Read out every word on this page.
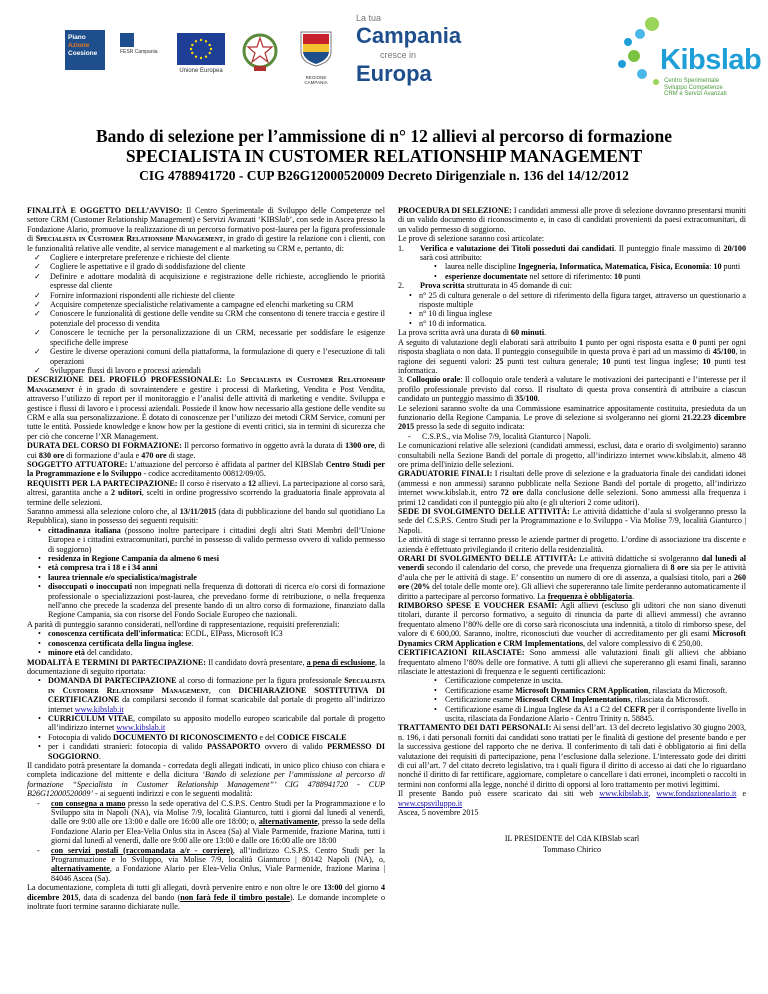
Piano
Azione
Coesione	FESR Campania
Unione Europea
REGIONE CAMPANIA
La tua
Campania
cresce in
Europa	Kibslab
Centro Sperimentale
Sviluppo Competenze
CRM e Servizi Avanzati
Bando di selezione per l’ammissione di n° 12 allievi al percorso di formazione
SPECIALISTA IN CUSTOMER RELATIONSHIP MANAGEMENT
CIG 4788941720 - CUP B26G12000520009 Decreto Dirigenziale n. 136 del 14/12/2012

FINALITÀ E OGGETTO DELL’AVVISO: Il Centro Sperimentale di Sviluppo delle Competenze nel settore CRM (Customer Relationship Management) e Servizi Avanzati ‘KIBSlab’, con sede in Ascea presso la Fondazione Alario, promuove la realizzazione di un percorso formativo post-laurea per la figura professionale di Specialista in Customer Relationship Management, in grado di gestire la relazione con i clienti, con le funzionalità relative alle vendite, al service management e al marketing su CRM e, pertanto, di:

✓ Cogliere e interpretare preferenze e richieste del cliente

✓ Cogliere le aspettative e il grado di soddisfazione del cliente

✓ Definire e adottare modalità di acquisizione e registrazione delle richieste, accogliendo le priorità espresse dal cliente

✓ Fornire informazioni rispondenti alle richieste del cliente

✓ Acquisire competenze specialistiche relativamente a campagne ed elenchi marketing su CRM

✓ Conoscere le funzionalità di gestione delle vendite su CRM che consentono di tenere traccia e gestire il potenziale del processo di vendita

✓ Conoscere le tecniche per la personalizzazione di un CRM, necessarie per soddisfare le esigenze specifiche delle imprese

✓ Gestire le diverse operazioni comuni della piattaforma, la formulazione di query e l’esecuzione di tali operazioni

✓ Sviluppare flussi di lavoro e processi aziendali

DESCRIZIONE DEL PROFILO PROFESSIONALE: Lo Specialista in Customer Relationship Management è in grado di sovraintendere e gestire i processi di Marketing, Vendita e Post Vendita, attraverso l’utilizzo di report per il monitoraggio e l’analisi delle attività di marketing e vendite. Sviluppa e gestisce i flussi di lavoro e i processi aziendali. Possiede il know how necessario alla gestione delle vendite su CRM e alla sua personalizzazione. È dotato di conoscenze per l’utilizzo dei metodi CRM Service, comuni per tutte le entità. Possiede knowledge e know how per la gestione di eventi critici, sia in termini di sicurezza che per ciò che concerne l’XR Management.

DURATA DEL CORSO DI FORMAZIONE: Il percorso formativo in oggetto avrà la durata di 1300 ore, di cui 830 ore di formazione d’aula e 470 ore di stage.

SOGGETTO ATTUATORE: L’attuazione del percorso è affidata al partner del KIBSlab Centro Studi per la Programmazione e lo Sviluppo - codice accreditamento 00812/09/05.

REQUISITI PER LA PARTECIPAZIONE: Il corso è riservato a 12 allievi. La partecipazione al corso sarà, altresì, garantita anche a 2 uditori, scelti in ordine progressivo scorrendo la graduatoria finale approvata al termine delle selezioni.

Saranno ammessi alla selezione coloro che, al 13/11/2015 (data di pubblicazione del bando sul quotidiano La Repubblica), siano in possesso dei seguenti requisiti:

• cittadinanza italiana (possono inoltre partecipare i cittadini degli altri Stati Membri dell’Unione Europea e i cittadini extracomunitari, purché in possesso di valido permesso ovvero di valido permesso di soggiorno)

• residenza in Regione Campania da almeno 6 mesi

• età compresa tra i 18 e i 34 anni

• laurea triennale e/o specialistica/magistrale

• disoccupati o inoccupati non impegnati nella frequenza di dottorati di ricerca e/o corsi di formazione professionale o specializzazioni post-laurea, che prevedano forme di retribuzione, o nella frequenza nell'anno che precede la scadenza del presente bando di un altro corso di formazione, finanziato dalla Regione Campania, sia con risorse del Fondo Sociale Europeo che nazionali.

A parità di punteggio saranno considerati, nell'ordine di rappresentazione, requisiti preferenziali:

• conoscenza certificata dell'informatica: ECDL, EIPass, Microsoft IC3

• conoscenza certificata della lingua inglese.

• minore età del candidato.

MODALITÀ E TERMINI DI PARTECIPAZIONE: Il candidato dovrà presentare, a pena di esclusione, la documentazione di seguito riportata:

• DOMANDA DI PARTECIPAZIONE al corso di formazione per la figura professionale Specialista in Customer Relationship Management, con DICHIARAZIONE SOSTITUTIVA DI CERTIFICAZIONE da compilarsi secondo il format scaricabile dal portale di progetto all’indirizzo internet www.kibslab.it

• CURRICULUM VITAE, compilato su apposito modello europeo scaricabile dal portale di progetto all’indirizzo internet www.kibslab.it

• Fotocopia di valido DOCUMENTO DI RICONOSCIMENTO e del CODICE FISCALE

• per i candidati stranieri: fotocopia di valido PASSAPORTO ovvero di valido PERMESSO DI SOGGIORNO.

Il candidato potrà presentare la domanda - corredata degli allegati indicati, in unico plico chiuso con chiara e completa indicazione del mittente e della dicitura ‘Bando di selezione per l’ammissione al percorso di formazione “Specialista in Customer Relationship Management”’ CIG 4788941720 - CUP B26G12000520009’ - ai seguenti indirizzi e con le seguenti modalità:

- con consegna a mano presso la sede operativa del C.S.P.S. Centro Studi per la Programmazione e lo Sviluppo sita in Napoli (NA), via Molise 7/9, località Gianturco, tutti i giorni dal lunedì al venerdì, dalle ore 9:00 alle ore 13:00 e dalle ore 16:00 alle ore 18:00; o, alternativamente, presso la sede della Fondazione Alario per Elea-Velia Onlus sita in Ascea (Sa) al Viale Parmenide, frazione Marina, tutti i giorni dal lunedì al venerdì, dalle ore 9:00 alle ore 13:00 e dalle ore 16:00 alle ore 18:00

- con servizi postali (raccomandata a/r - corriere), all’indirizzo C.S.P.S. Centro Studi per la Programmazione e lo Sviluppo, via Molise 7/9, località Gianturco | 80142 Napoli (NA), o, alternativamente, a Fondazione Alario per Elea-Velia Onlus, Viale Parmenide, frazione Marina | 84046 Ascea (Sa).

La documentazione, completa di tutti gli allegati, dovrà pervenire entro e non oltre le ore 13:00 del giorno 4 dicembre 2015, data di scadenza del bando (non farà fede il timbro postale). Le domande incomplete o inoltrate fuori termine saranno dichiarate nulle.

PROCEDURA DI SELEZIONE: I candidati ammessi alle prove di selezione dovranno presentarsi muniti di un valido documento di riconoscimento e, in caso di candidati provenienti da paesi extracomunitari, di un valido permesso di soggiorno.

Le prove di selezione saranno così articolate:

1. Verifica e valutazione dei Titoli posseduti dai candidati. Il punteggio finale massimo di 20/100 sarà così attribuito:

• laurea nelle discipline Ingegneria, Informatica, Matematica, Fisica, Economia: 10 punti

• esperienze documentate nel settore di riferimento: 10 punti

2. Prova scritta strutturata in 45 domande di cui:

• n° 25 di cultura generale o del settore di riferimento della figura target, attraverso un questionario a risposte multiple

• n° 10 di lingua inglese

• n° 10 di informatica.

La prova scritta avrà una durata di 60 minuti.

A seguito di valutazione degli elaborati sarà attribuito 1 punto per ogni risposta esatta e 0 punti per ogni risposta sbagliata o non data. Il punteggio conseguibile in questa prova è pari ad un massimo di 45/100, in ragione dei seguenti valori: 25 punti test cultura generale; 10 punti test lingua inglese; 10 punti test informatica.

3. Colloquio orale: Il colloquio orale tenderà a valutare le motivazioni dei partecipanti e l’interesse per il profilo professionale previsto dal corso. Il risultato di questa prova consentirà di attribuire a ciascun candidato un punteggio massimo di 35/100.

Le selezioni saranno svolte da una Commissione esaminatrice appositamente costituita, presieduta da un funzionario della Regione Campania. Le prove di selezione si svolgeranno nei giorni 21.22.23 dicembre 2015 presso la sede di seguito indicata:

- C.S.P.S., via Molise 7/9, località Gianturco | Napoli.

Le comunicazioni relative alle selezioni (candidati ammessi, esclusi, data e orario di svolgimento) saranno consultabili nella Sezione Bandi del portale di progetto, all’indirizzo internet www.kibslab.it, almeno 48 ore prima dell'inizio delle selezioni.

GRADUATORIE FINALI: I risultati delle prove di selezione e la graduatoria finale dei candidati idonei (ammessi e non ammessi) saranno pubblicate nella Sezione Bandi del portale di progetto, all’indirizzo internet www.kibslab.it, entro 72 ore dalla conclusione delle selezioni. Sono ammessi alla frequenza i primi 12 candidati con il punteggio più alto (e gli ulteriori 2 come uditori).

SEDE DI SVOLGIMENTO DELLE ATTIVITÀ: Le attività didattiche d’aula si svolgeranno presso la sede del C.S.P.S. Centro Studi per la Programmazione e lo Sviluppo - Via Molise 7/9, località Gianturco | Napoli.

Le attività di stage si terranno presso le aziende partner di progetto. L’ordine di associazione tra discente e azienda è effettuato privilegiando il criterio della residenzialità.

ORARI DI SVOLGIMENTO DELLE ATTIVITÀ: Le attività didattiche si svolgeranno dal lunedì al venerdì secondo il calendario del corso, che prevede una frequenza giornaliera di 8 ore sia per le attività d’aula che per le attività di stage. E’ consentito un numero di ore di assenza, a qualsiasi titolo, pari a 260 ore (20% del totale delle monte ore). Gli allievi che supereranno tale limite perderanno automaticamente il diritto a partecipare al percorso formativo. La frequenza è obbligatoria.

RIMBORSO SPESE E VOUCHER ESAMI: Agli allievi (escluso gli uditori che non siano divenuti titolari, durante il percorso formativo, a seguito di rinuncia da parte di allievi ammessi) che avranno frequentato almeno l’80% delle ore di corso sarà riconosciuta una indennità, a titolo di rimborso spese, del valore di € 600,00. Saranno, inoltre, riconosciuti due voucher di accreditamento per gli esami Microsoft Dynamics CRM Application e CRM Implementations, del valore complessivo di € 250,00.

CERTIFICAZIONI RILASCIATE: Sono ammessi alle valutazioni finali gli allievi che abbiano frequentato almeno l’80% delle ore formative. A tutti gli allievi che supereranno gli esami finali, saranno rilasciate le attestazioni di frequenza e le seguenti certificazioni:

• Certificazione competenze in uscita.

• Certificazione esame Microsoft Dynamics CRM Application, rilasciata da Microsoft.

• Certificazione esame Microsoft CRM Implementations, rilasciata da Microsoft.

• Certificazione esame di Lingua Inglese da A1 a C2 del CEFR per il corrispondente livello in uscita, rilasciata da Fondazione Alario - Centro Trinity n. 58845.

TRATTAMENTO DEI DATI PERSONALI: Ai sensi dell’art. 13 del decreto legislativo 30 giugno 2003, n. 196, i dati personali forniti dai candidati sono trattati per le finalità di gestione del presente bando e per la successiva gestione del rapporto che ne deriva. Il conferimento di tali dati è obbligatorio ai fini della valutazione dei requisiti di partecipazione, pena l’esclusione dalla selezione. L’interessato gode dei diritti di cui all’art. 7 del citato decreto legislativo, tra i quali figura il diritto di accesso ai dati che lo riguardano nonché il diritto di far rettificare, aggiornare, completare o cancellare i dati erronei, incompleti o raccolti in termini non conformi alla legge, nonché il diritto di opporsi al loro trattamento per motivi legittimi.

Il presente Bando può essere scaricato dai siti web www.kibslab.it, www.fondazionealario.it e www.cspsviluppo.it

Ascea, 5 novembre 2015

IL PRESIDENTE del CdA KIBSlab scarl
Tommaso Chirico
